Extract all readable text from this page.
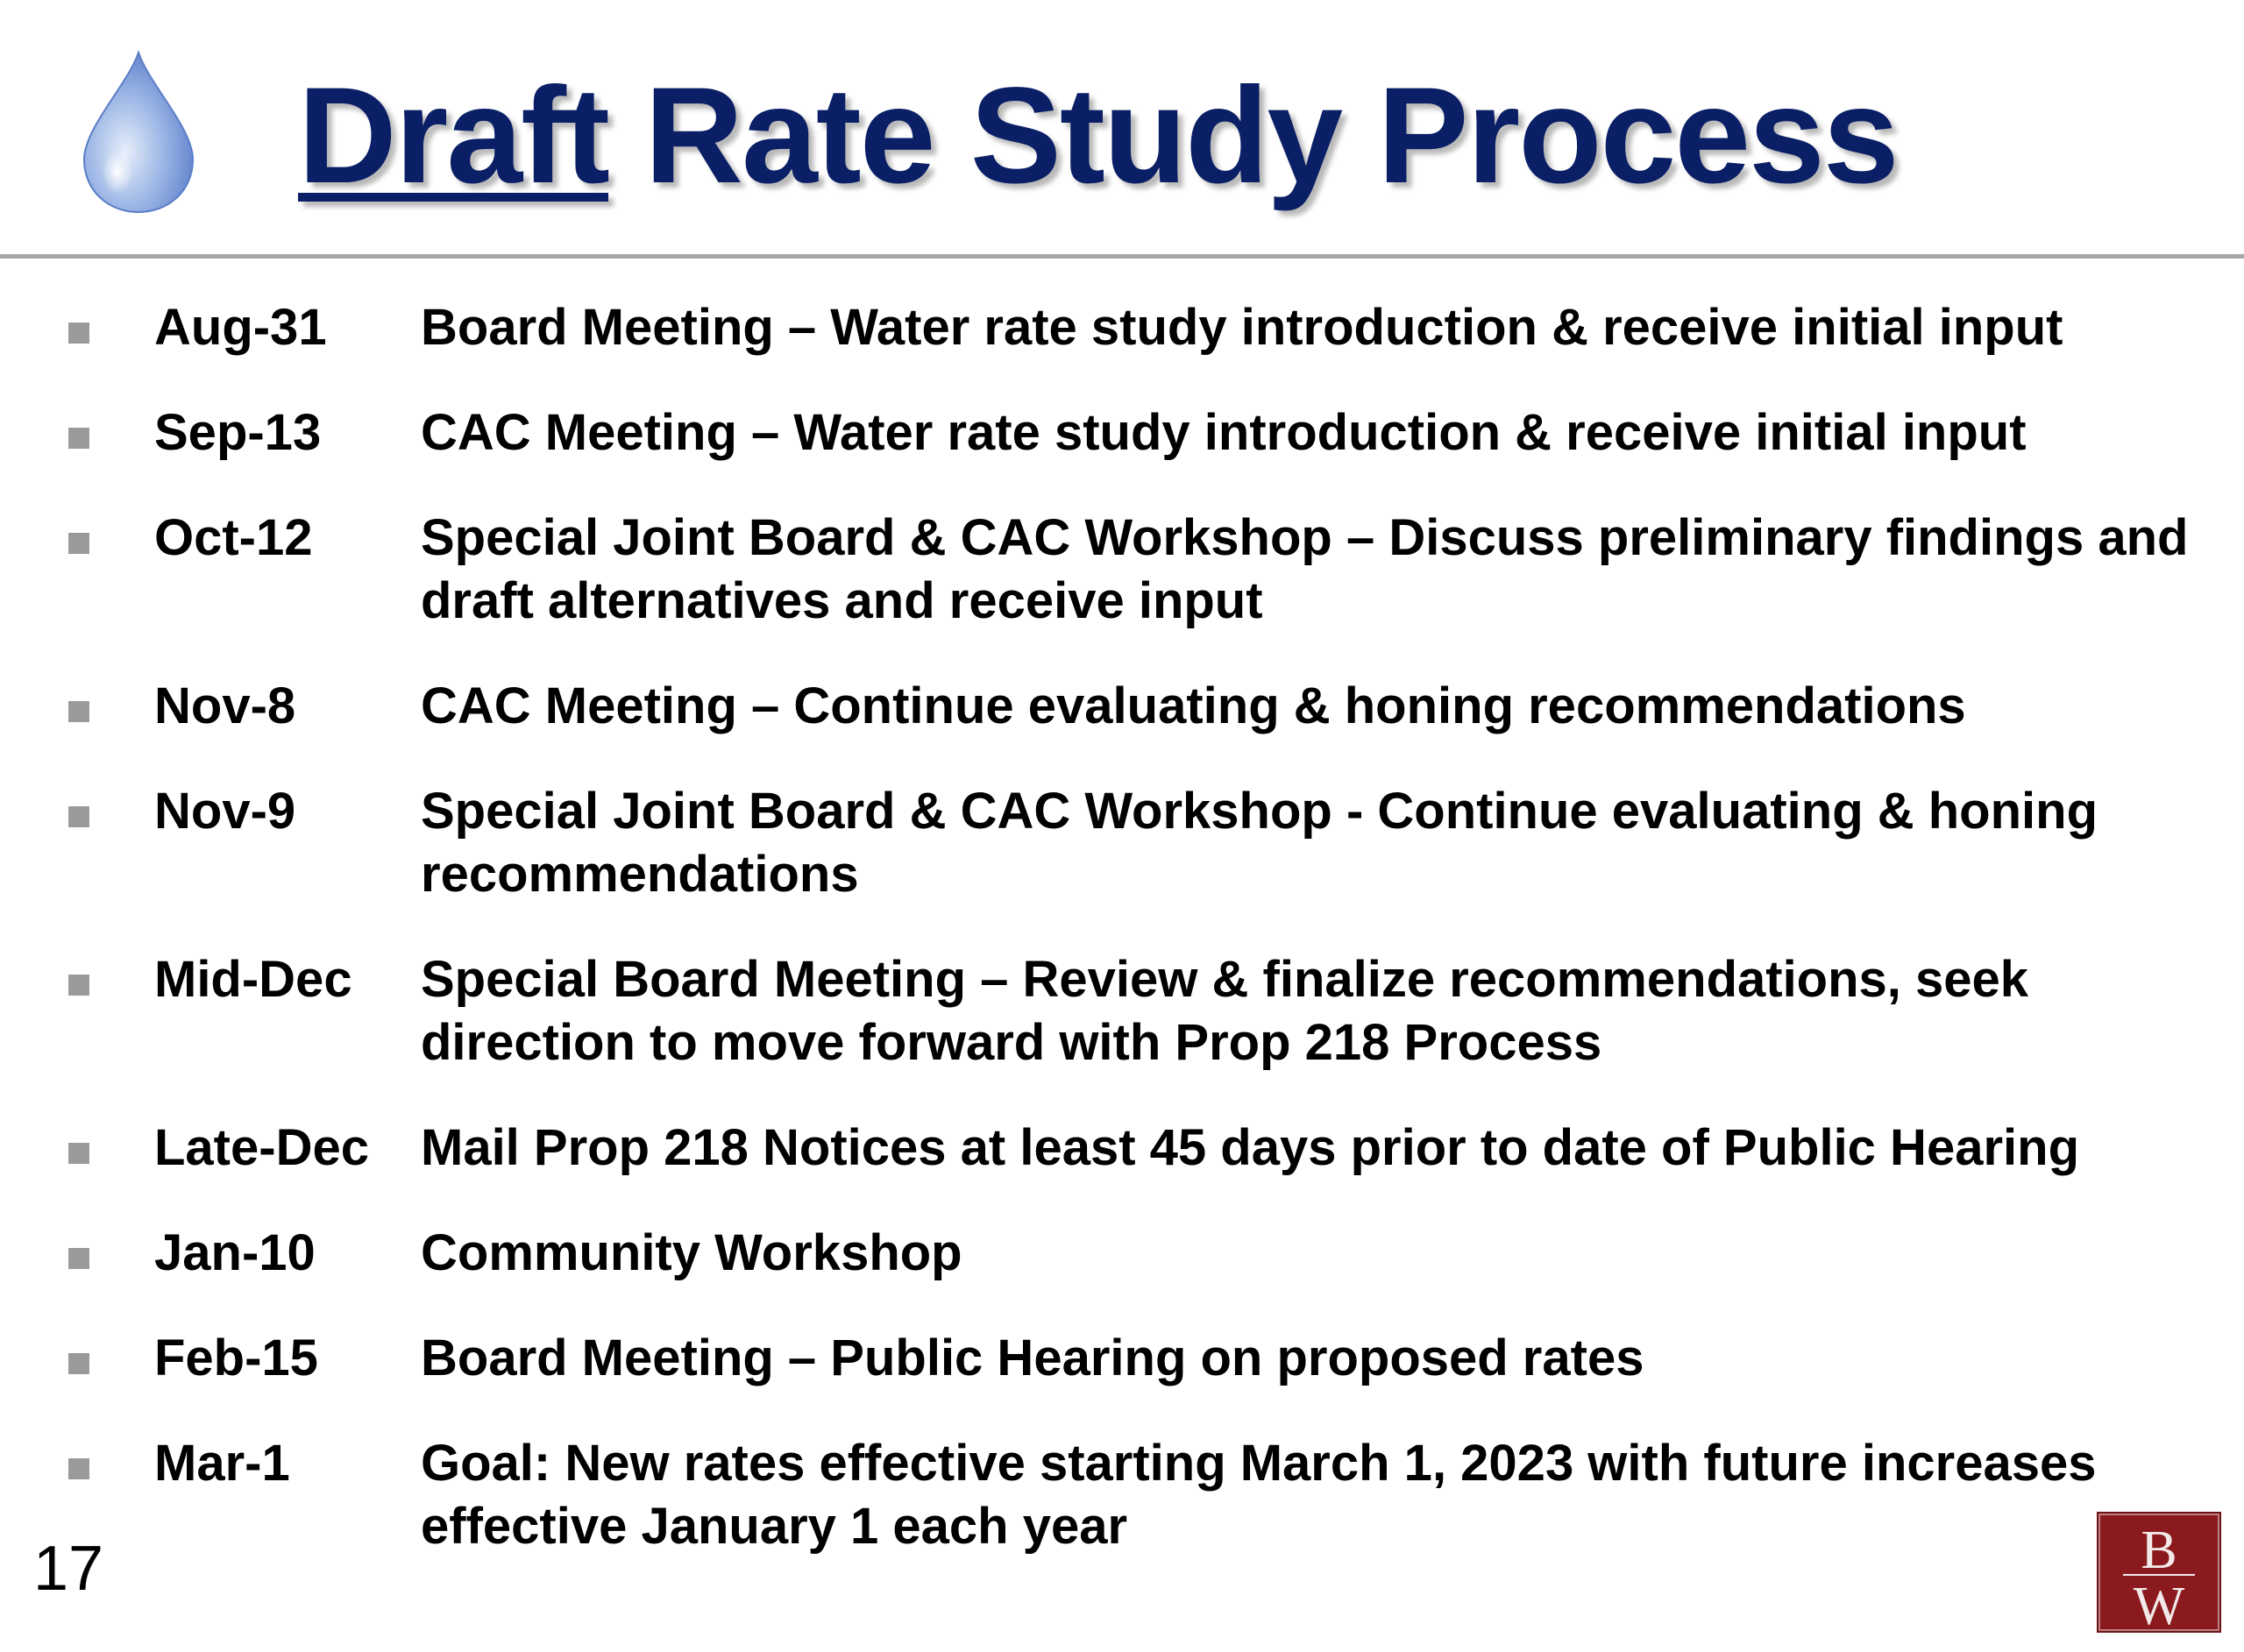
Draft Rate Study Process
Aug-31 Board Meeting – Water rate study introduction & receive initial input
Sep-13 CAC Meeting – Water rate study introduction & receive initial input
Oct-12 Special Joint Board & CAC Workshop – Discuss preliminary findings and draft alternatives and receive input
Nov-8 CAC Meeting – Continue evaluating & honing recommendations
Nov-9 Special Joint Board & CAC Workshop - Continue evaluating & honing recommendations
Mid-Dec Special Board Meeting – Review & finalize recommendations, seek direction to move forward with Prop 218 Process
Late-Dec Mail Prop 218 Notices at least 45 days prior to date of Public Hearing
Jan-10 Community Workshop
Feb-15 Board Meeting – Public Hearing on proposed rates
Mar-1	Goal: New rates effective starting March 1, 2023 with future increases effective January 1 each year
17	B
W
